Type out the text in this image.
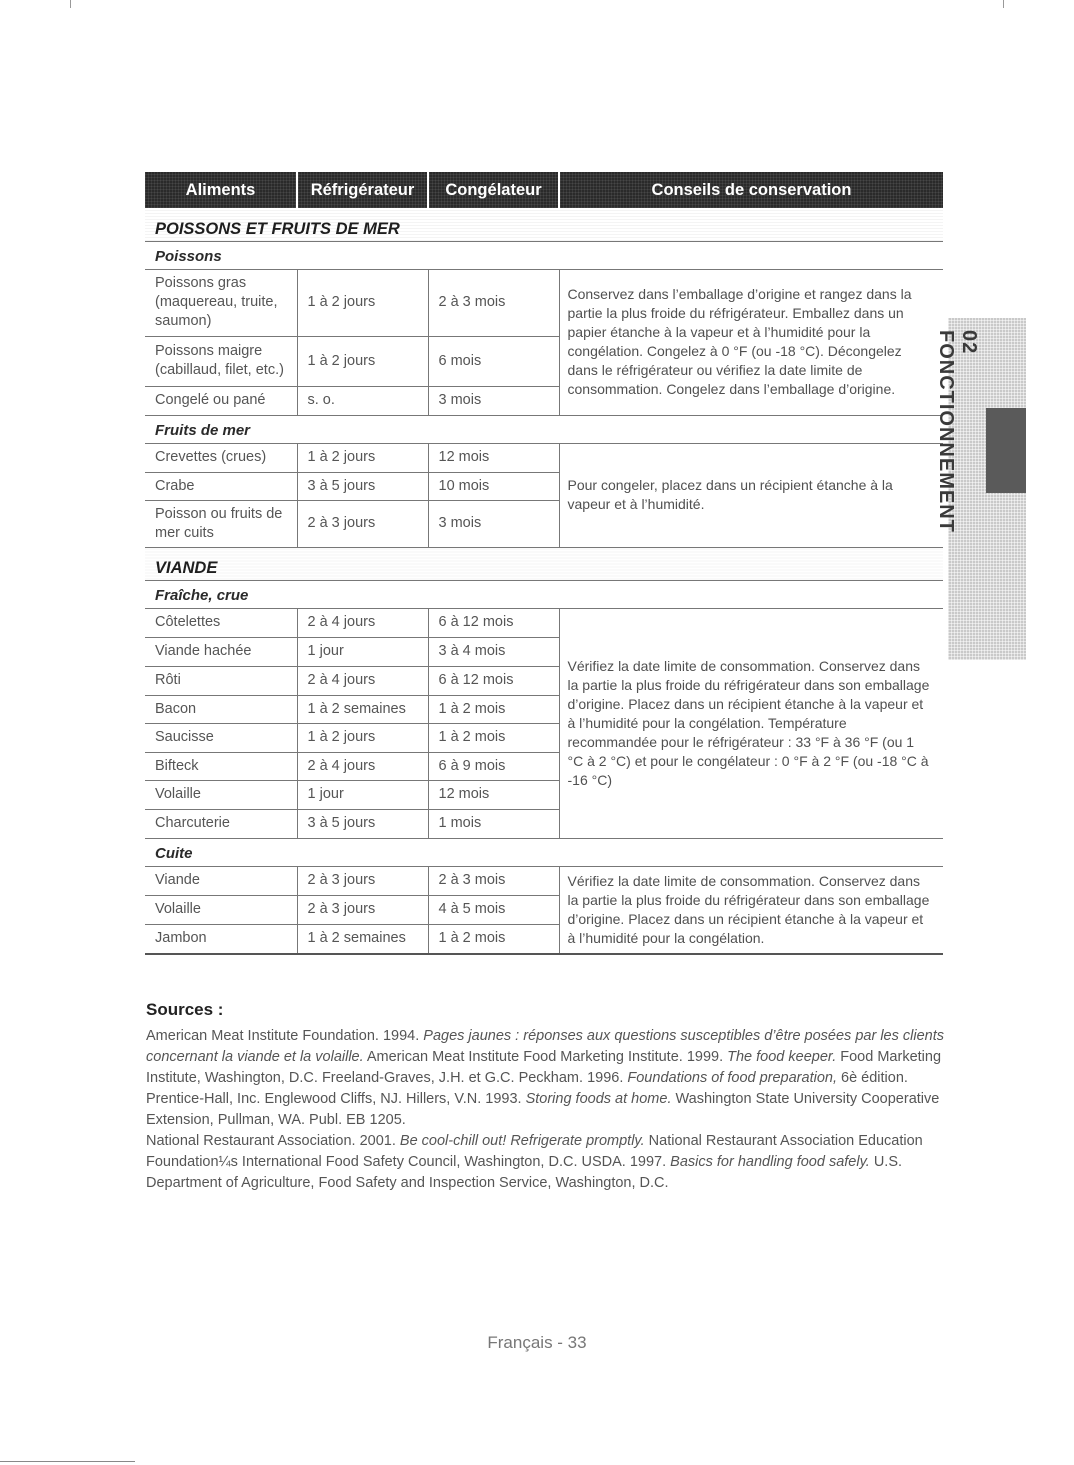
Aliments	Réfrigérateur	Congélateur	Conseils de conservation
POISSONS ET FRUITS DE MER			
Poissons			
Poissons gras (maquereau, truite, saumon)	1 à 2 jours	2 à 3 mois	Conservez dans l’emballage d’origine et rangez dans la partie la plus froide du réfrigérateur. Emballez dans un papier étanche à la vapeur et à l’humidité pour la congélation. Congelez à 0 °F (ou -18 °C). Décongelez dans le réfrigérateur ou vérifiez la date limite de consommation. Congelez dans l’emballage d’origine.
Poissons maigre (cabillaud, filet, etc.)	1 à 2 jours	6 mois	
Congelé ou pané	s. o.	3 mois	
Fruits de mer			
Crevettes (crues)	1 à 2 jours	12 mois	Pour congeler, placez dans un récipient étanche à la vapeur et à l’humidité.
Crabe	3 à 5 jours	10 mois	
Poisson ou fruits de mer cuits	2 à 3 jours	3 mois	
VIANDE			
Fraîche, crue			
Côtelettes	2 à 4 jours	6 à 12 mois	Vérifiez la date limite de consommation. Conservez dans la partie la plus froide du réfrigérateur dans son emballage d’origine. Placez dans un récipient étanche à la vapeur et à l’humidité pour la congélation. Température recommandée pour le réfrigérateur : 33 °F à 36 °F (ou 1 °C à 2 °C) et pour le congélateur : 0 °F à 2 °F (ou -18 °C à -16 °C)
Viande hachée	1 jour	3 à 4 mois	
Rôti	2 à 4 jours	6 à 12 mois	
Bacon	1 à 2 semaines	1 à 2 mois	
Saucisse	1 à 2 jours	1 à 2 mois	
Bifteck	2 à 4 jours	6 à 9 mois	
Volaille	1 jour	12 mois	
Charcuterie	3 à 5 jours	1 mois	
Cuite			
Viande	2 à 3 jours	2 à 3 mois	Vérifiez la date limite de consommation. Conservez dans la partie la plus froide du réfrigérateur dans son emballage d’origine. Placez dans un récipient étanche à la vapeur et à l’humidité pour la congélation.
Volaille	2 à 3 jours	4 à 5 mois	
Jambon	1 à 2 semaines	1 à 2 mois	
02 FONCTIONNEMENT
Sources :

American Meat Institute Foundation. 1994. Pages jaunes : réponses aux questions susceptibles d’être posées par les clients concernant la viande et la volaille. American Meat Institute Food Marketing Institute. 1999. The food keeper. Food Marketing Institute, Washington, D.C. Freeland-Graves, J.H. et G.C. Peckham. 1996. Foundations of food preparation, 6è édition. Prentice-Hall, Inc. Englewood Cliffs, NJ. Hillers, V.N. 1993. Storing foods at home. Washington State University Cooperative Extension, Pullman, WA. Publ. EB 1205.

National Restaurant Association. 2001. Be cool-chill out! Refrigerate promptly. National Restaurant Association Education Foundation¼s International Food Safety Council, Washington, D.C. USDA. 1997. Basics for handling food safely. U.S. Department of Agriculture, Food Safety and Inspection Service, Washington, D.C.

Français - 33
